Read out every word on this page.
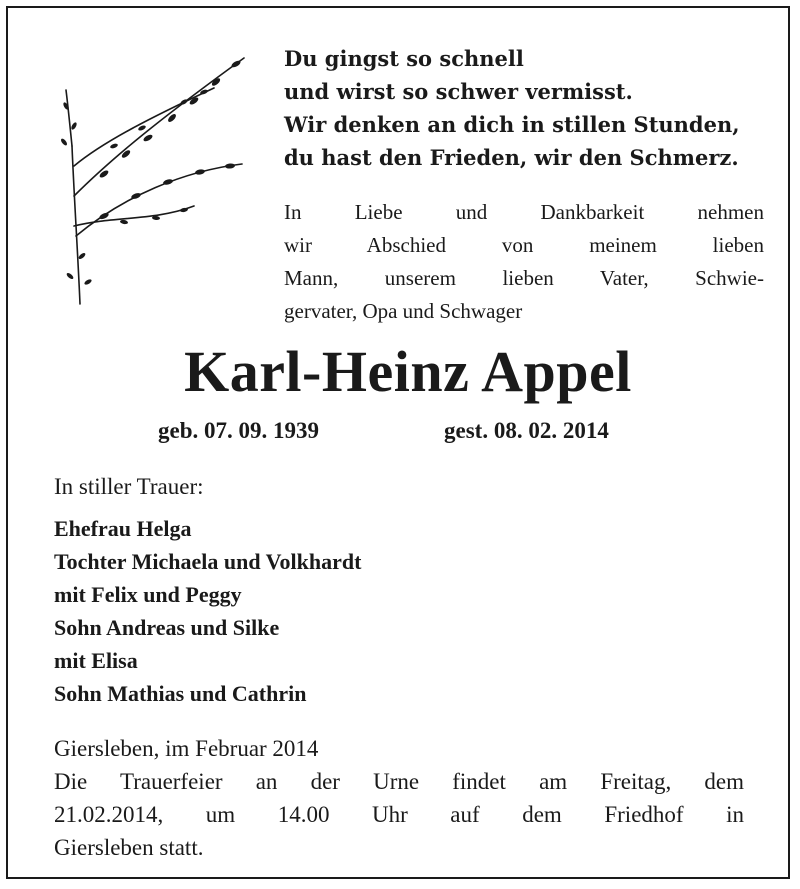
Du gingst so schnell
und wirst so schwer vermisst.
Wir denken an dich in stillen Stunden,
du hast den Frieden, wir den Schmerz.
In Liebe und Dankbarkeit nehmen
wir Abschied von meinem lieben
Mann, unserem lieben Vater, Schwie-
gervater, Opa und Schwager
Karl-Heinz Appel
geb. 07. 09. 1939	gest. 08. 02. 2014
In stiller Trauer:
Ehefrau Helga
Tochter Michaela und Volkhardt
mit Felix und Peggy
Sohn Andreas und Silke
mit Elisa
Sohn Mathias und Cathrin
Giersleben, im Februar 2014
Die Trauerfeier an der Urne findet am Freitag, dem
21.02.2014, um 14.00 Uhr auf dem Friedhof in
Giersleben statt.
